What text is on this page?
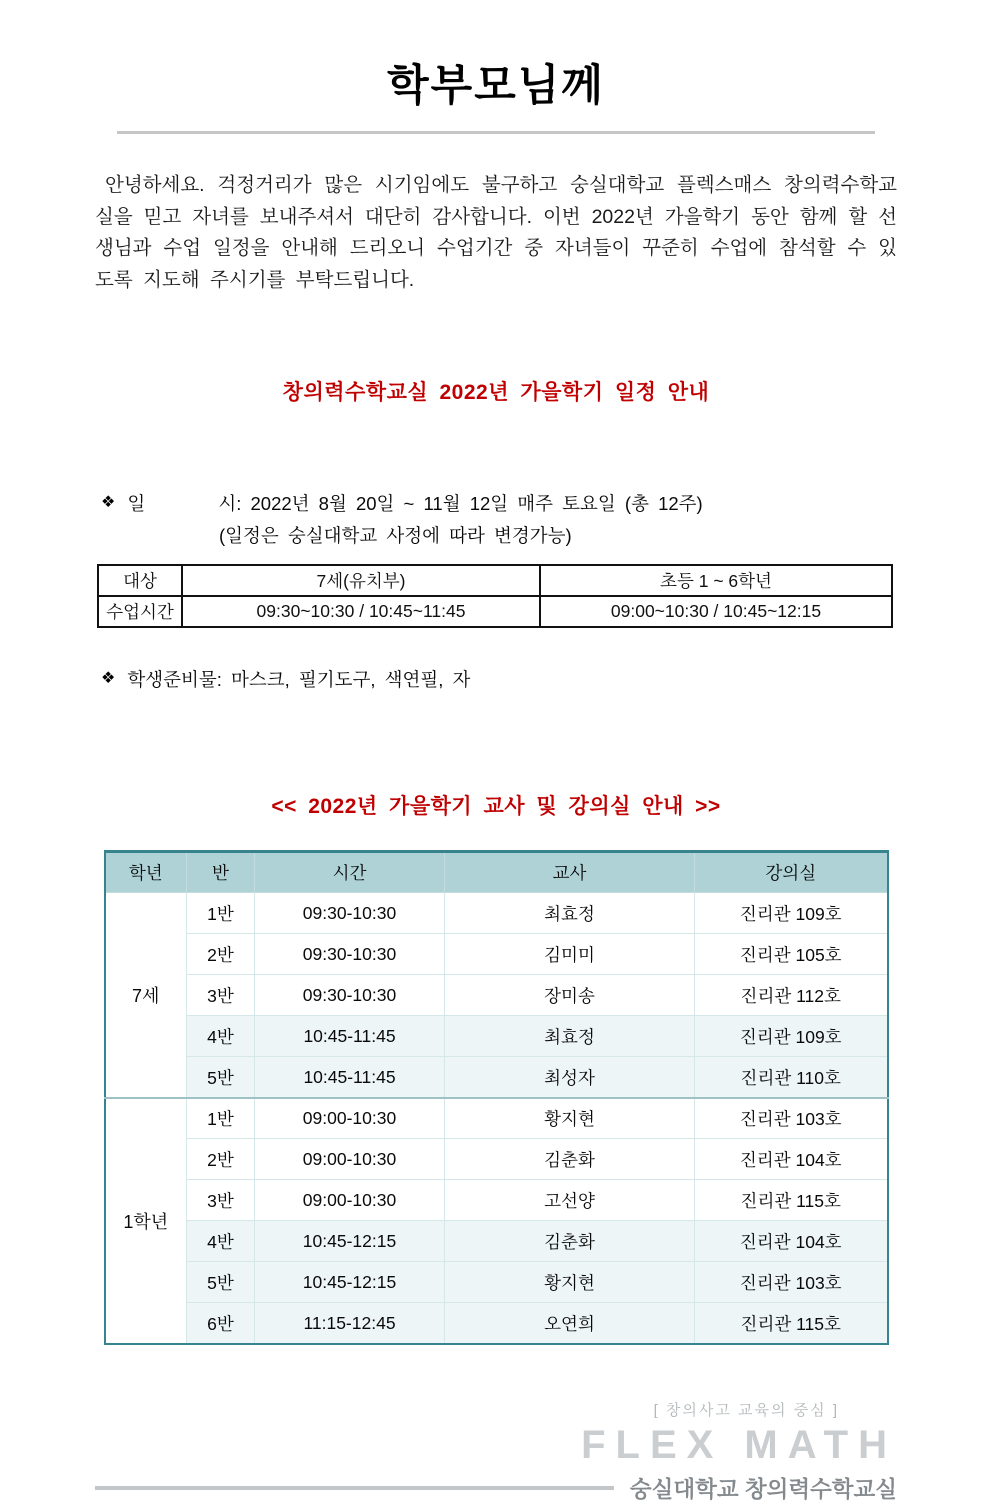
학부모님께

안녕하세요. 걱정거리가 많은 시기임에도 불구하고 숭실대학교 플렉스매스 창의력수학교실을 믿고 자녀를 보내주셔서 대단히 감사합니다. 이번 2022년 가을학기 동안 함께 할 선생님과 수업 일정을 안내해 드리오니 수업기간 중 자녀들이 꾸준히 수업에 참석할 수 있도록 지도해 주시기를 부탁드립니다.

창의력수학교실 2022년 가을학기 일정 안내
❖ 일        시: 2022년 8월 20일 ~ 11월 12일 매주 토요일 (총 12주)
(일정은 숭실대학교 사정에 따라 변경가능)
대상	7세(유치부)	초등 1 ~ 6학년
수업시간	09:30~10:30 / 10:45~11:45	09:00~10:30 / 10:45~12:15
❖ 학생준비물: 마스크, 필기도구, 색연필, 자
<< 2022년 가을학기 교사 및 강의실 안내 >>
학년	반	시간	교사	강의실
7세	1반	09:30-10:30	최효정	진리관 109호
	2반	09:30-10:30	김미미	진리관 105호
	3반	09:30-10:30	장미송	진리관 112호
	4반	10:45-11:45	최효정	진리관 109호
	5반	10:45-11:45	최성자	진리관 110호
1학년	1반	09:00-10:30	황지현	진리관 103호
	2반	09:00-10:30	김춘화	진리관 104호
	3반	09:00-10:30	고선양	진리관 115호
	4반	10:45-12:15	김춘화	진리관 104호
	5반	10:45-12:15	황지현	진리관 103호
	6반	11:15-12:45	오연희	진리관 115호
[ 창의사고 교육의 중심 ]
FLEX MATH
숭실대학교 창의력수학교실
